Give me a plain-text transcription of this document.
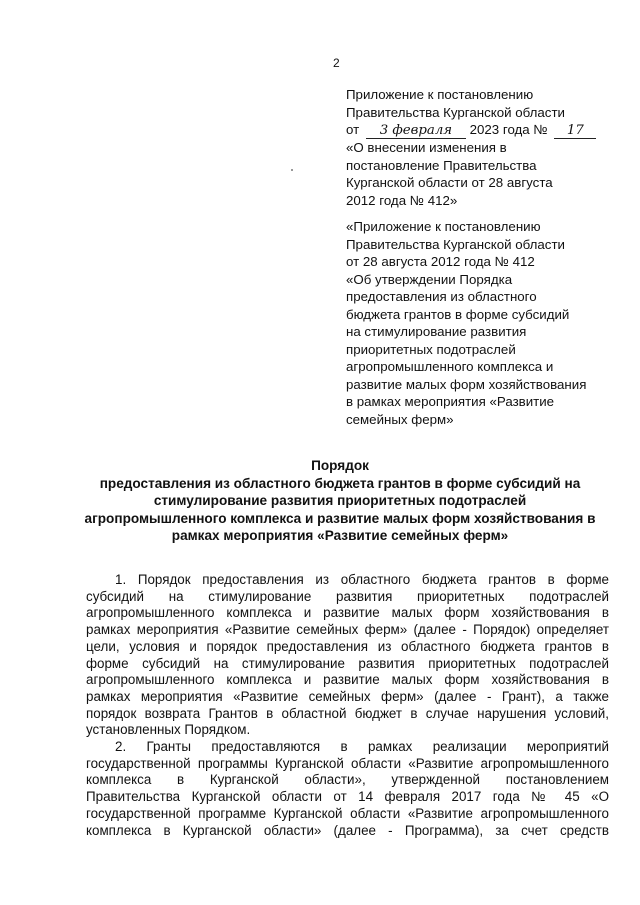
2
Приложение к постановлению
Правительства Курганской области
от 3 февраля 2023 года № 17
«О внесении изменения в
постановление Правительства
Курганской области от 28 августа
2012 года № 412»
«Приложение к постановлению
Правительства Курганской области
от 28 августа 2012 года № 412
«Об утверждении Порядка
предоставления из областного
бюджета грантов в форме субсидий
на стимулирование развития
приоритетных подотраслей
агропромышленного комплекса и
развитие малых форм хозяйствования
в рамках мероприятия «Развитие
семейных ферм»
Порядок
предоставления из областного бюджета грантов в форме субсидий на
стимулирование развития приоритетных подотраслей
агропромышленного комплекса и развитие малых форм хозяйствования в
рамках мероприятия «Развитие семейных ферм»
1. Порядок предоставления из областного бюджета грантов в форме
субсидий на стимулирование развития приоритетных подотраслей
агропромышленного комплекса и развитие малых форм хозяйствования в
рамках мероприятия «Развитие семейных ферм» (далее - Порядок) определяет
цели, условия и порядок предоставления из областного бюджета грантов в
форме субсидий на стимулирование развития приоритетных подотраслей
агропромышленного комплекса и развитие малых форм хозяйствования в
рамках мероприятия «Развитие семейных ферм» (далее - Грант), а также
порядок возврата Грантов в областной бюджет в случае нарушения условий,
установленных Порядком.
2. Гранты предоставляются в рамках реализации мероприятий
государственной программы Курганской области «Развитие агропромышленного
комплекса в Курганской области», утвержденной постановлением
Правительства Курганской области от 14 февраля 2017 года № 45 «О
государственной программе Курганской области «Развитие агропромышленного
комплекса в Курганской области» (далее - Программа), за счет средств
